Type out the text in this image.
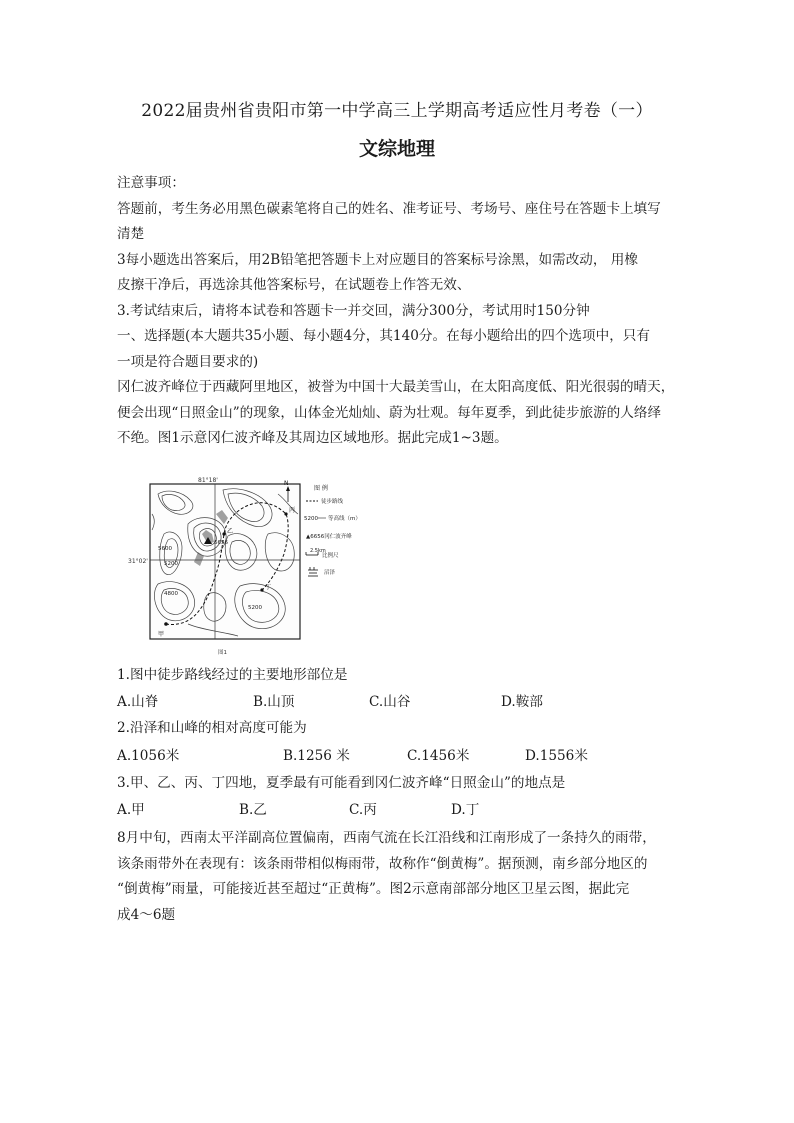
2022届贵州省贵阳市第一中学高三上学期高考适应性月考卷（一）
文综地理
注意事项：
答题前，考生务必用黑色碳素笔将自己的姓名、准考证号、考场号、座住号在答题卡上填写
清楚
3每小题选出答案后，用2B铅笔把答题卡上对应题目的答案标号涂黑，如需改动， 用橡
皮擦干净后，再选涂其他答案标号，在试题卷上作答无效、
3.考试结束后，请将本试卷和答题卡一并交回，满分300分，考试用时150分钟
一、选择题(本大题共35小题、每小题4分，其140分。在每小题给出的四个选项中，只有
一项是符合题目要求的)
冈仁波齐峰位于西藏阿里地区，被誉为中国十大最美雪山，在太阳高度低、阳光很弱的晴天，
便会出现“日照金山”的现象，山体金光灿灿、蔚为壮观。每年夏季，到此徒步旅游的人络绎
不绝。图1示意冈仁波齐峰及其周边区域地形。据此完成1~3题。
81°18'
31°02'
6656
5600
5200
4800
5200
甲
乙
丙
丁
N
图 例
徒步路线
5200 等高线（m）
▲6656冈仁波齐峰
2.5km
比例尺
沼泽
图1
1.图中徒步路线经过的主要地形部位是
A.山脊	B.山顶	C.山谷	D.鞍部
2.沿泽和山峰的相对高度可能为
A.1056米	B.1256 米	C.1456米	D.1556米
3.甲、乙、丙、丁四地，夏季最有可能看到冈仁波齐峰“日照金山”的地点是
A.甲	B.乙	C.丙	D.丁
8月中旬，西南太平洋副高位置偏南，西南气流在长江沿线和江南形成了一条持久的雨带，
该条雨带外在表现有：该条雨带相似梅雨带，故称作“倒黄梅”。据预测，南乡部分地区的
“倒黄梅”雨量，可能接近甚至超过“正黄梅”。图2示意南部部分地区卫星云图，据此完
成4～6题
